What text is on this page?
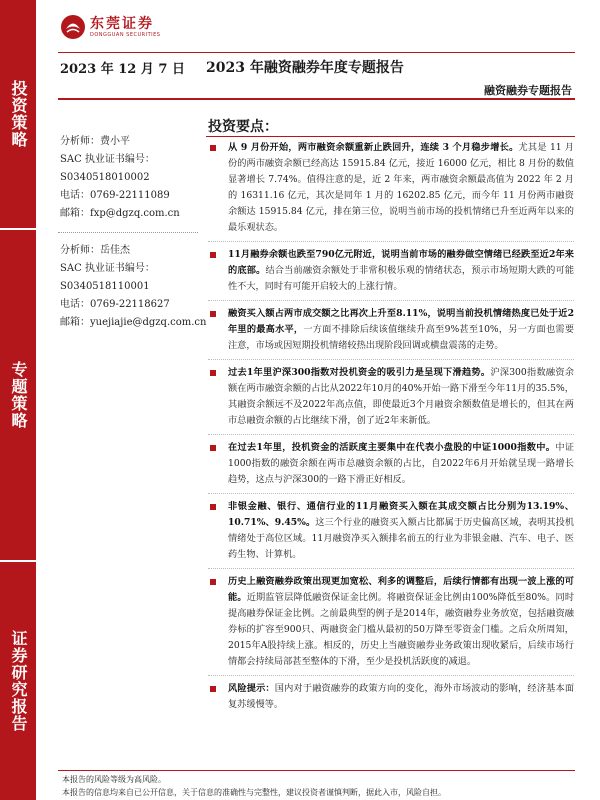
投资策略
专题策略
证券研究报告
东莞证券
DONGGUAN SECURITIES
2023 年 12 月 7 日 2023 年融资融券年度专题报告
融资融券专题报告
分析师：费小平
SAC 执业证书编号：
S0340518010002
电话：0769-22111089
邮箱：fxp@dgzq.com.cn
分析师：岳佳杰
SAC 执业证书编号：
S0340518110001
电话：0769-22118627
邮箱：yuejiajie@dgzq.com.cn
投资要点：
从 9 月份开始，两市融资余额重新止跌回升，连续 3 个月稳步增长。尤其是 11 月份的两市融资余额已经高达 15915.84 亿元，接近 16000 亿元，相比 8 月份的数值显著增长 7.74%。值得注意的是，近 2 年来，两市融资余额最高值为 2022 年 2 月的 16311.16 亿元，其次是同年 1 月的 16202.85 亿元，而今年 11 月份两市融资余额达 15915.84 亿元，排在第三位，说明当前市场的投机情绪已升至近两年以来的最乐观状态。
11月融券余额也跌至790亿元附近，说明当前市场的融券做空情绪已经跌至近2年来的底部。结合当前融资余额处于非常积极乐观的情绪状态，预示市场短期大跌的可能性不大，同时有可能开启较大的上涨行情。
融资买入额占两市成交额之比再次上升至8.11%，说明当前投机情绪热度已处于近2年里的最高水平，一方面不排除后续该值继续升高至9%甚至10%，另一方面也需要注意，市场或因短期投机情绪较热出现阶段回调或横盘震荡的走势。
过去1年里沪深300指数对投机资金的吸引力是呈现下滑趋势。沪深300指数融资余额在两市融资余额的占比从2022年10月的40%开始一路下滑至今年11月的35.5%，其融资余额远不及2022年高点值，即使最近3个月融资余额数值是增长的，但其在两市总融资余额的占比继续下滑，创了近2年来新低。
在过去1年里，投机资金的活跃度主要集中在代表小盘股的中证1000指数中。中证1000指数的融资余额在两市总融资余额的占比，自2022年6月开始就呈现一路增长趋势，这点与沪深300的一路下滑正好相反。
非银金融、银行、通信行业的11月融资买入额在其成交额占比分别为13.19%、10.71%、9.45%。这三个行业的融资买入额占比都属于历史偏高区域，表明其投机情绪处于高位区域。11月融资净买入额排名前五的行业为非银金融、汽车、电子、医药生物、计算机。
历史上融资融券政策出现更加宽松、利多的调整后，后续行情都有出现一波上涨的可能。近期监管层降低融资保证金比例。将融资保证金比例由100%降低至80%。同时提高融券保证金比例。之前最典型的例子是2014年，融资融券业务放宽，包括融资融券标的扩容至900只、两融资金门槛从最初的50万降至零资金门槛。之后众所周知，2015年A股持续上涨。相反的，历史上当融资融券业务政策出现收紧后，后续市场行情都会持续局部甚至整体的下滑，至少是投机活跃度的减退。
风险提示：国内对于融资融券的政策方向的变化，海外市场波动的影响，经济基本面复苏缓慢等。
本报告的风险等级为高风险。
本报告的信息均来自已公开信息，关于信息的准确性与完整性，建议投资者谨慎判断，据此入市，风险自担。
